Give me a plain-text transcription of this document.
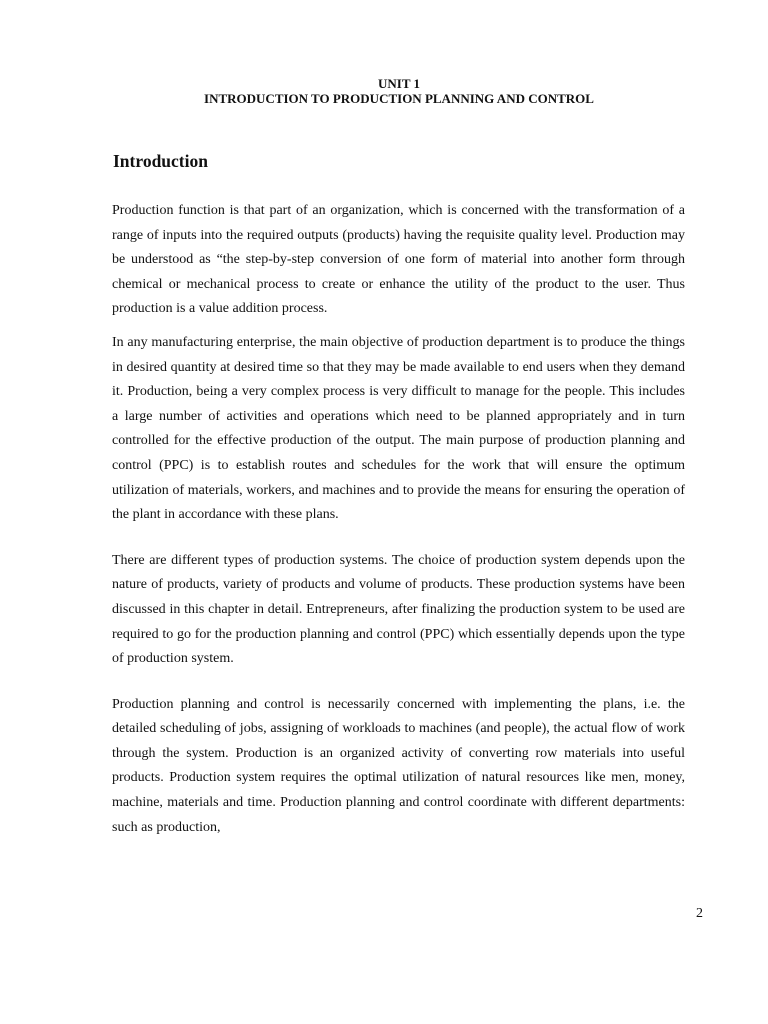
UNIT 1
INTRODUCTION TO PRODUCTION PLANNING AND CONTROL
Introduction

Production function is that part of an organization, which is concerned with the transformation of a range of inputs into the required outputs (products) having the requisite quality level. Production may be understood as “the step-by-step conversion of one form of material into another form through chemical or mechanical process to create or enhance the utility of the product to the user. Thus production is a value addition process.

In any manufacturing enterprise, the main objective of production department is to produce the things in desired quantity at desired time so that they may be made available to end users when they demand it. Production, being a very complex process is very difficult to manage for the people. This includes a large number of activities and operations which need to be planned appropriately and in turn controlled for the effective production of the output. The main purpose of production planning and control (PPC) is to establish routes and schedules for the work that will ensure the optimum utilization of materials, workers, and machines and to provide the means for ensuring the operation of the plant in accordance with these plans.

There are different types of production systems. The choice of production system depends upon the nature of products, variety of products and volume of products. These production systems have been discussed in this chapter in detail. Entrepreneurs, after finalizing the production system to be used are required to go for the production planning and control (PPC) which essentially depends upon the type of production system.

Production planning and control is necessarily concerned with implementing the plans, i.e. the detailed scheduling of jobs, assigning of workloads to machines (and people), the actual flow of work through the system. Production is an organized activity of converting row materials into useful products. Production system requires the optimal utilization of natural resources like men, money, machine, materials and time. Production planning and control coordinate with different departments: such as production,

2
